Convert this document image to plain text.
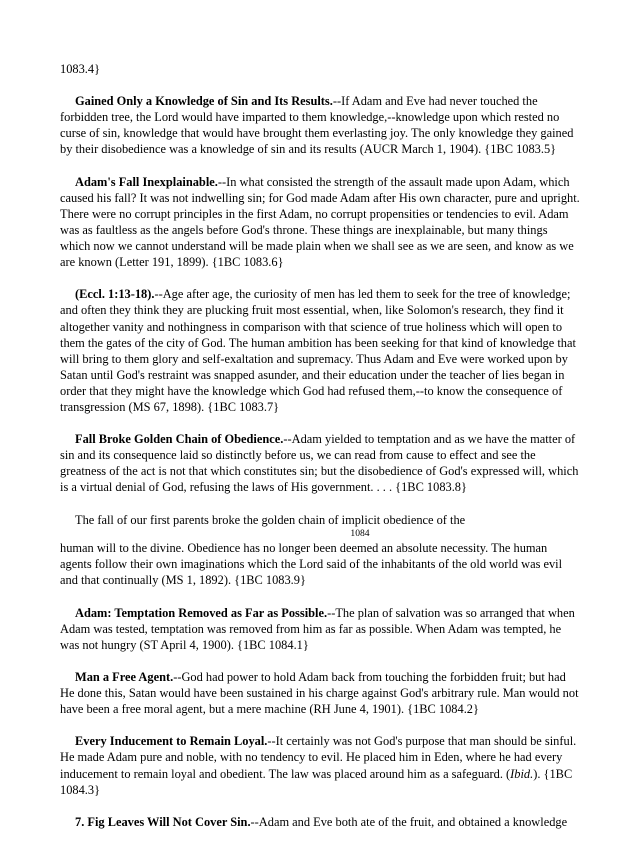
1083.4}

Gained Only a Knowledge of Sin and Its Results.--If Adam and Eve had never touched the forbidden tree, the Lord would have imparted to them knowledge,--knowledge upon which rested no curse of sin, knowledge that would have brought them everlasting joy. The only knowledge they gained by their disobedience was a knowledge of sin and its results (AUCR March 1, 1904). {1BC 1083.5}

Adam's Fall Inexplainable.--In what consisted the strength of the assault made upon Adam, which caused his fall? It was not indwelling sin; for God made Adam after His own character, pure and upright. There were no corrupt principles in the first Adam, no corrupt propensities or tendencies to evil. Adam was as faultless as the angels before God's throne. These things are inexplainable, but many things which now we cannot understand will be made plain when we shall see as we are seen, and know as we are known (Letter 191, 1899). {1BC 1083.6}

(Eccl. 1:13-18).--Age after age, the curiosity of men has led them to seek for the tree of knowledge; and often they think they are plucking fruit most essential, when, like Solomon's research, they find it altogether vanity and nothingness in comparison with that science of true holiness which will open to them the gates of the city of God. The human ambition has been seeking for that kind of knowledge that will bring to them glory and self-exaltation and supremacy. Thus Adam and Eve were worked upon by Satan until God's restraint was snapped asunder, and their education under the teacher of lies began in order that they might have the knowledge which God had refused them,--to know the consequence of transgression (MS 67, 1898). {1BC 1083.7}

Fall Broke Golden Chain of Obedience.--Adam yielded to temptation and as we have the matter of sin and its consequence laid so distinctly before us, we can read from cause to effect and see the greatness of the act is not that which constitutes sin; but the disobedience of God's expressed will, which is a virtual denial of God, refusing the laws of His government. . . . {1BC 1083.8}

The fall of our first parents broke the golden chain of implicit obedience of the

1084

human will to the divine. Obedience has no longer been deemed an absolute necessity. The human agents follow their own imaginations which the Lord said of the inhabitants of the old world was evil and that continually (MS 1, 1892). {1BC 1083.9}

Adam: Temptation Removed as Far as Possible.--The plan of salvation was so arranged that when Adam was tested, temptation was removed from him as far as possible. When Adam was tempted, he was not hungry (ST April 4, 1900). {1BC 1084.1}

Man a Free Agent.--God had power to hold Adam back from touching the forbidden fruit; but had He done this, Satan would have been sustained in his charge against God's arbitrary rule. Man would not have been a free moral agent, but a mere machine (RH June 4, 1901). {1BC 1084.2}

Every Inducement to Remain Loyal.--It certainly was not God's purpose that man should be sinful. He made Adam pure and noble, with no tendency to evil. He placed him in Eden, where he had every inducement to remain loyal and obedient. The law was placed around him as a safeguard. (Ibid.). {1BC 1084.3}

7. Fig Leaves Will Not Cover Sin.--Adam and Eve both ate of the fruit, and obtained a knowledge
